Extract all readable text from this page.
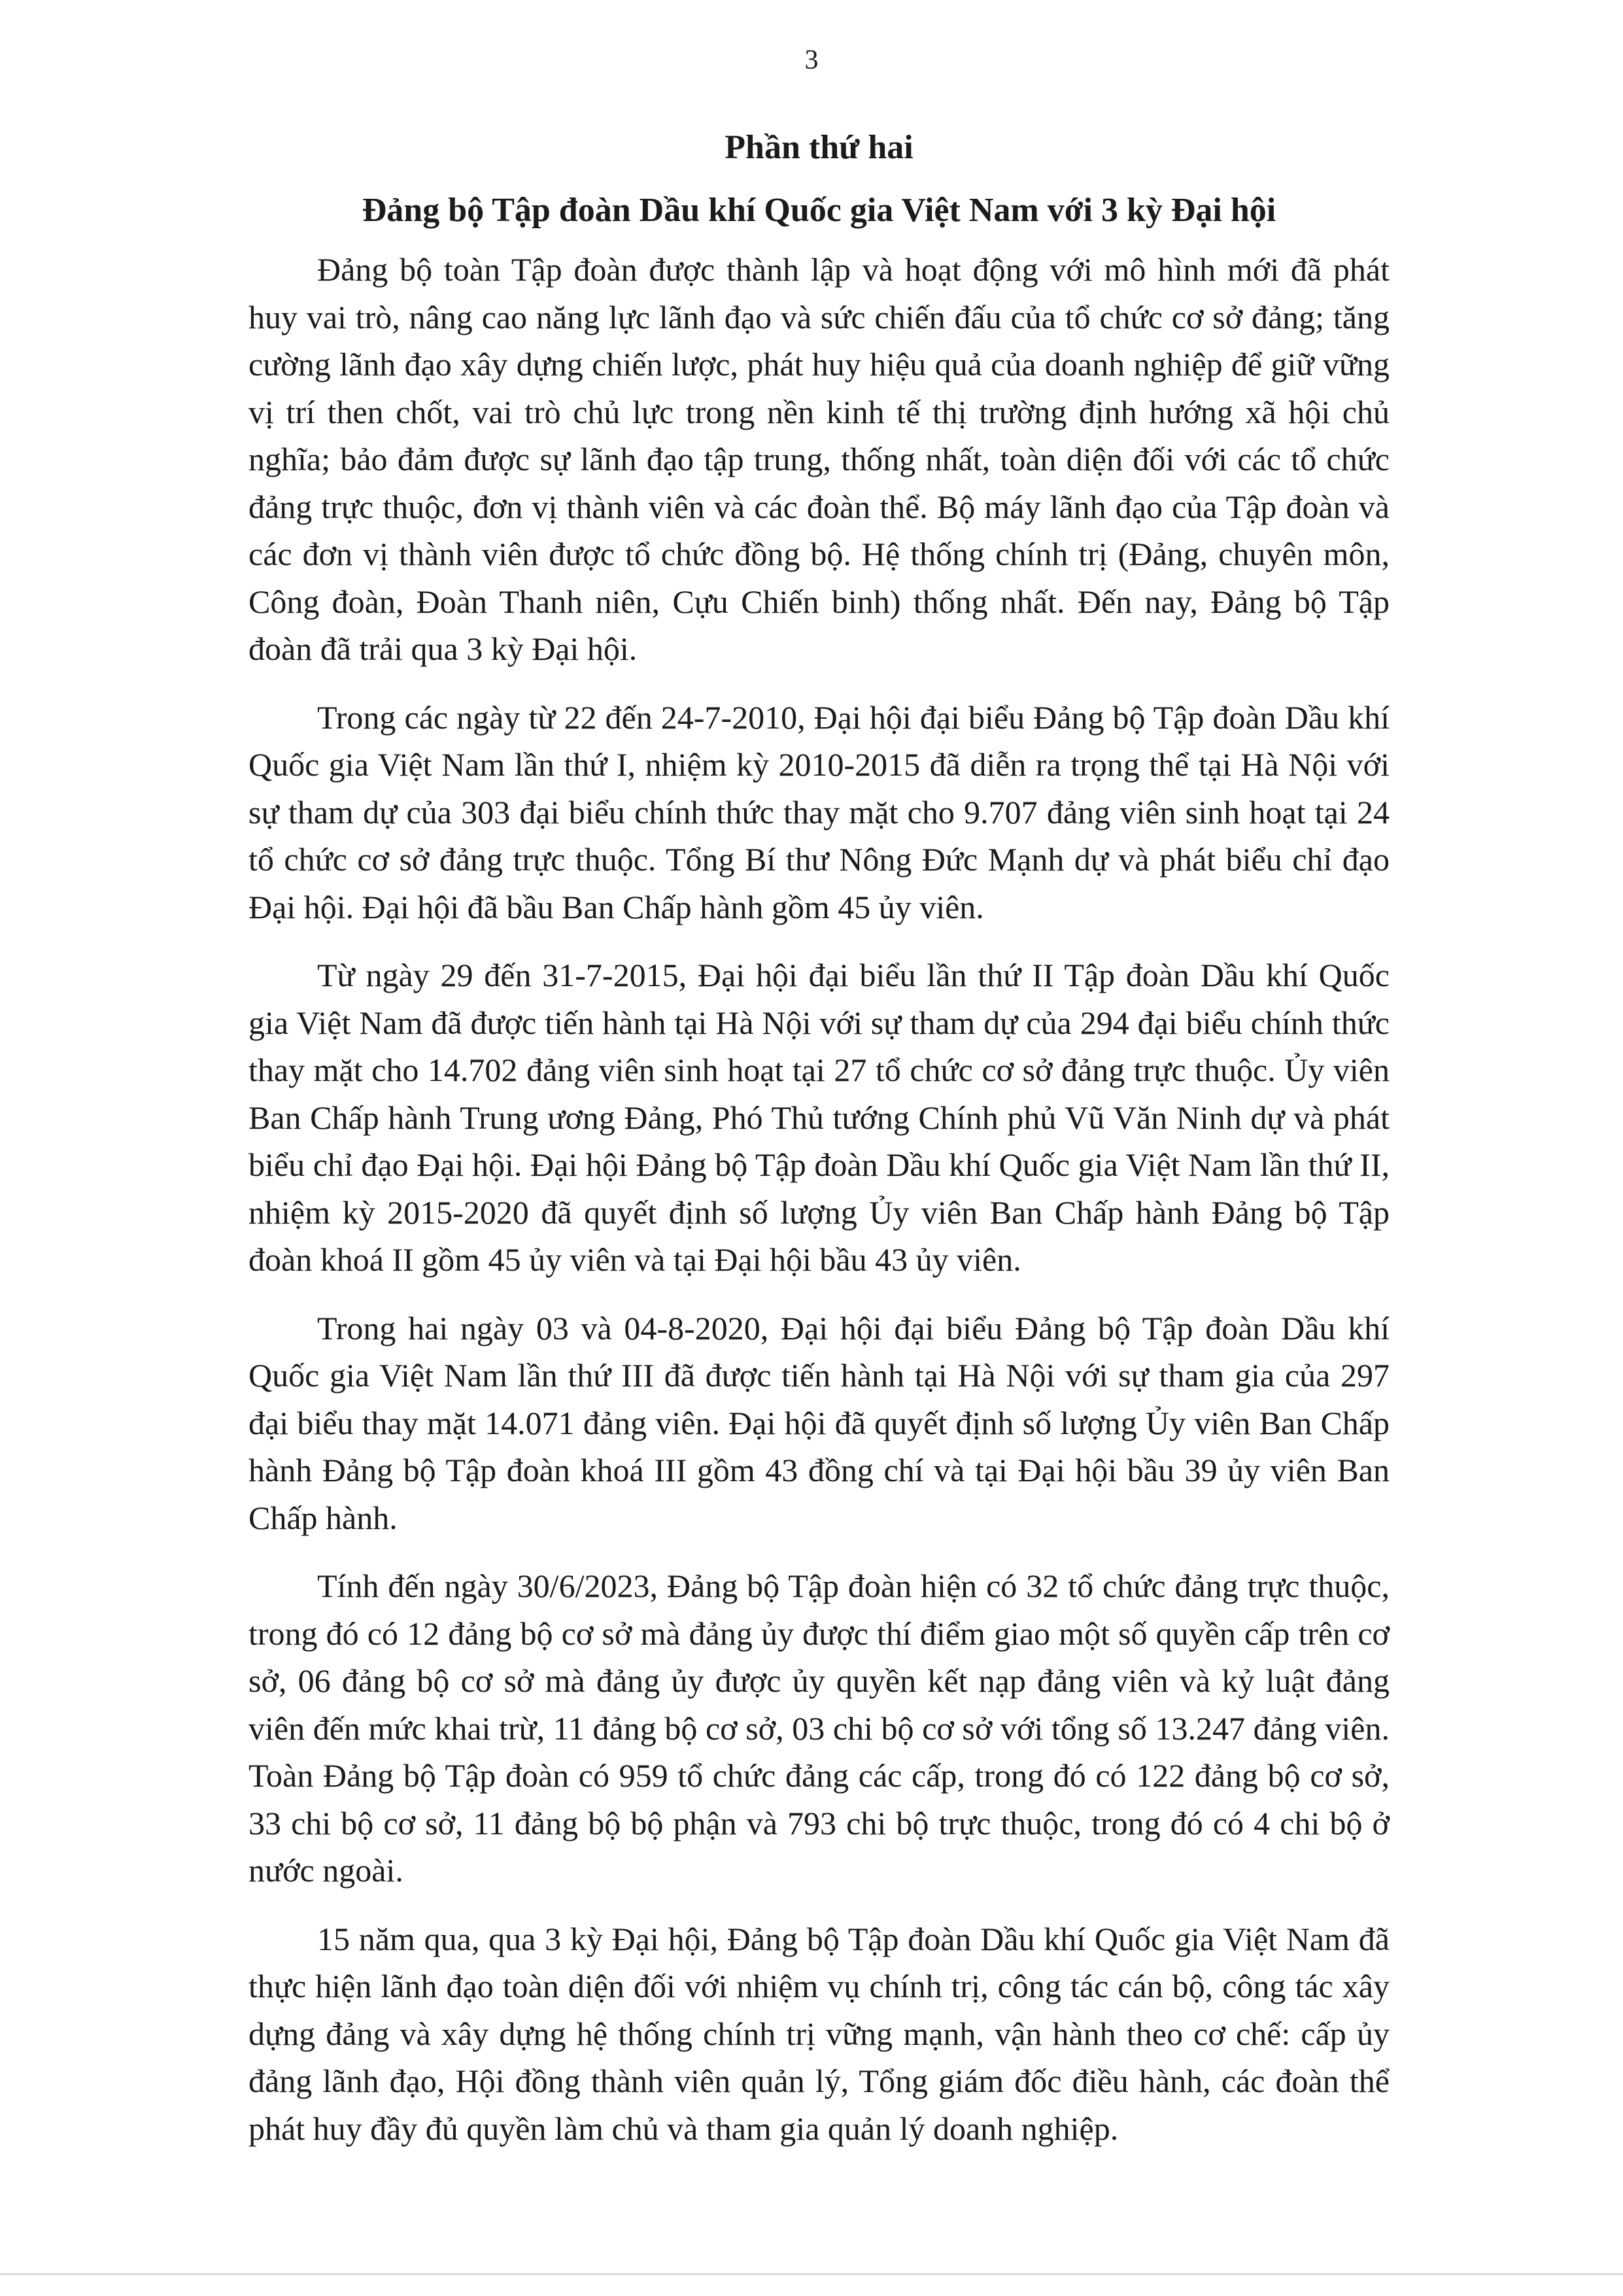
3
Phần thứ hai
Đảng bộ Tập đoàn Dầu khí Quốc gia Việt Nam với 3 kỳ Đại hội

Đảng bộ toàn Tập đoàn được thành lập và hoạt động với mô hình mới đã phát huy vai trò, nâng cao năng lực lãnh đạo và sức chiến đấu của tổ chức cơ sở đảng; tăng cường lãnh đạo xây dựng chiến lược, phát huy hiệu quả của doanh nghiệp để giữ vững vị trí then chốt, vai trò chủ lực trong nền kinh tế thị trường định hướng xã hội chủ nghĩa; bảo đảm được sự lãnh đạo tập trung, thống nhất, toàn diện đối với các tổ chức đảng trực thuộc, đơn vị thành viên và các đoàn thể. Bộ máy lãnh đạo của Tập đoàn và các đơn vị thành viên được tổ chức đồng bộ. Hệ thống chính trị (Đảng, chuyên môn, Công đoàn, Đoàn Thanh niên, Cựu Chiến binh) thống nhất. Đến nay, Đảng bộ Tập đoàn đã trải qua 3 kỳ Đại hội.

Trong các ngày từ 22 đến 24-7-2010, Đại hội đại biểu Đảng bộ Tập đoàn Dầu khí Quốc gia Việt Nam lần thứ I, nhiệm kỳ 2010-2015 đã diễn ra trọng thể tại Hà Nội với sự tham dự của 303 đại biểu chính thức thay mặt cho 9.707 đảng viên sinh hoạt tại 24 tổ chức cơ sở đảng trực thuộc. Tổng Bí thư Nông Đức Mạnh dự và phát biểu chỉ đạo Đại hội. Đại hội đã bầu Ban Chấp hành gồm 45 ủy viên.

Từ ngày 29 đến 31-7-2015, Đại hội đại biểu lần thứ II Tập đoàn Dầu khí Quốc gia Việt Nam đã được tiến hành tại Hà Nội với sự tham dự của 294 đại biểu chính thức thay mặt cho 14.702 đảng viên sinh hoạt tại 27 tổ chức cơ sở đảng trực thuộc. Ủy viên Ban Chấp hành Trung ương Đảng, Phó Thủ tướng Chính phủ Vũ Văn Ninh dự và phát biểu chỉ đạo Đại hội. Đại hội Đảng bộ Tập đoàn Dầu khí Quốc gia Việt Nam lần thứ II, nhiệm kỳ 2015-2020 đã quyết định số lượng Ủy viên Ban Chấp hành Đảng bộ Tập đoàn khoá II gồm 45 ủy viên và tại Đại hội bầu 43 ủy viên.

Trong hai ngày 03 và 04-8-2020, Đại hội đại biểu Đảng bộ Tập đoàn Dầu khí Quốc gia Việt Nam lần thứ III đã được tiến hành tại Hà Nội với sự tham gia của 297 đại biểu thay mặt 14.071 đảng viên. Đại hội đã quyết định số lượng Ủy viên Ban Chấp hành Đảng bộ Tập đoàn khoá III gồm 43 đồng chí và tại Đại hội bầu 39 ủy viên Ban Chấp hành.

Tính đến ngày 30/6/2023, Đảng bộ Tập đoàn hiện có 32 tổ chức đảng trực thuộc, trong đó có 12 đảng bộ cơ sở mà đảng ủy được thí điểm giao một số quyền cấp trên cơ sở, 06 đảng bộ cơ sở mà đảng ủy được ủy quyền kết nạp đảng viên và kỷ luật đảng viên đến mức khai trừ, 11 đảng bộ cơ sở, 03 chi bộ cơ sở với tổng số 13.247 đảng viên. Toàn Đảng bộ Tập đoàn có 959 tổ chức đảng các cấp, trong đó có 122 đảng bộ cơ sở, 33 chi bộ cơ sở, 11 đảng bộ bộ phận và 793 chi bộ trực thuộc, trong đó có 4 chi bộ ở nước ngoài.

15 năm qua, qua 3 kỳ Đại hội, Đảng bộ Tập đoàn Dầu khí Quốc gia Việt Nam đã thực hiện lãnh đạo toàn diện đối với nhiệm vụ chính trị, công tác cán bộ, công tác xây dựng đảng và xây dựng hệ thống chính trị vững mạnh, vận hành theo cơ chế: cấp ủy đảng lãnh đạo, Hội đồng thành viên quản lý, Tổng giám đốc điều hành, các đoàn thể phát huy đầy đủ quyền làm chủ và tham gia quản lý doanh nghiệp.
